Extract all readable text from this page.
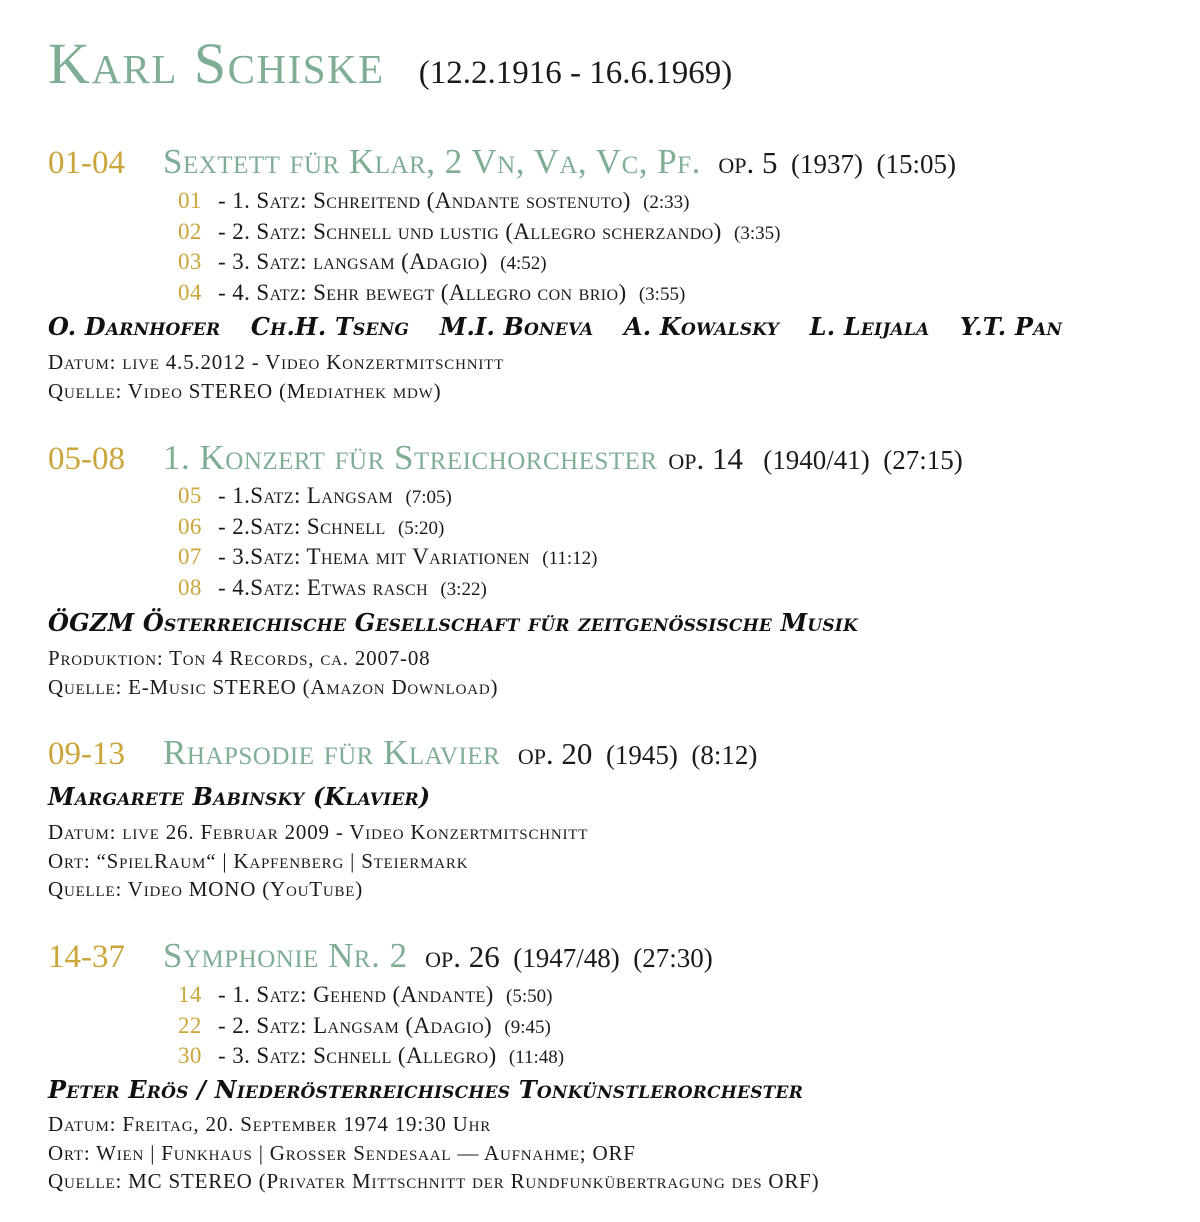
Karl Schiske (12.2.1916 - 16.6.1969)
01-04 Sextett für Klar, 2 Vn, Va, Vc, Pf. op. 5 (1937) (15:05)
01 - 1. Satz: Schreitend (Andante sostenuto) (2:33)
02 - 2. Satz: Schnell und lustig (Allegro scherzando) (3:35)
03 - 3. Satz: langsam (Adagio) (4:52)
04 - 4. Satz: Sehr bewegt (Allegro con brio) (3:55)
O. Darnhofer Ch.H. Tseng M.I. Boneva A. Kowalsky L. Leijala Y.T. Pan
Datum: live 4.5.2012 - Video Konzertmitschnitt
Quelle: Video STEREO (Mediathek mdw)
05-08 1. Konzert für Streichorchester op. 14 (1940/41) (27:15)
05 - 1.Satz: Langsam (7:05)
06 - 2.Satz: Schnell (5:20)
07 - 3.Satz: Thema mit Variationen (11:12)
08 - 4.Satz: Etwas rasch (3:22)
ÖGZM Österreichische Gesellschaft für zeitgenössische Musik
Produktion: Ton 4 Records, ca. 2007-08
Quelle: E-Music STEREO (Amazon Download)
09-13 Rhapsodie für Klavier op. 20 (1945) (8:12)
Margarete Babinsky (Klavier)
Datum: live 26. Februar 2009 - Video Konzertmitschnitt
Ort: “SpielRaum“ | Kapfenberg | Steiermark
Quelle: Video MONO (YouTube)
14-37 Symphonie Nr. 2 op. 26 (1947/48) (27:30)
14 - 1. Satz: Gehend (Andante) (5:50)
22 - 2. Satz: Langsam (Adagio) (9:45)
30 - 3. Satz: Schnell (Allegro) (11:48)
Peter Erös / Niederösterreichisches Tonkünstlerorchester
Datum: Freitag, 20. September 1974 19:30 Uhr
Ort: Wien | Funkhaus | Grosser Sendesaal — Aufnahme; ORF
Quelle: MC STEREO (Privater Mittschnitt der Rundfunkübertragung des ORF)
